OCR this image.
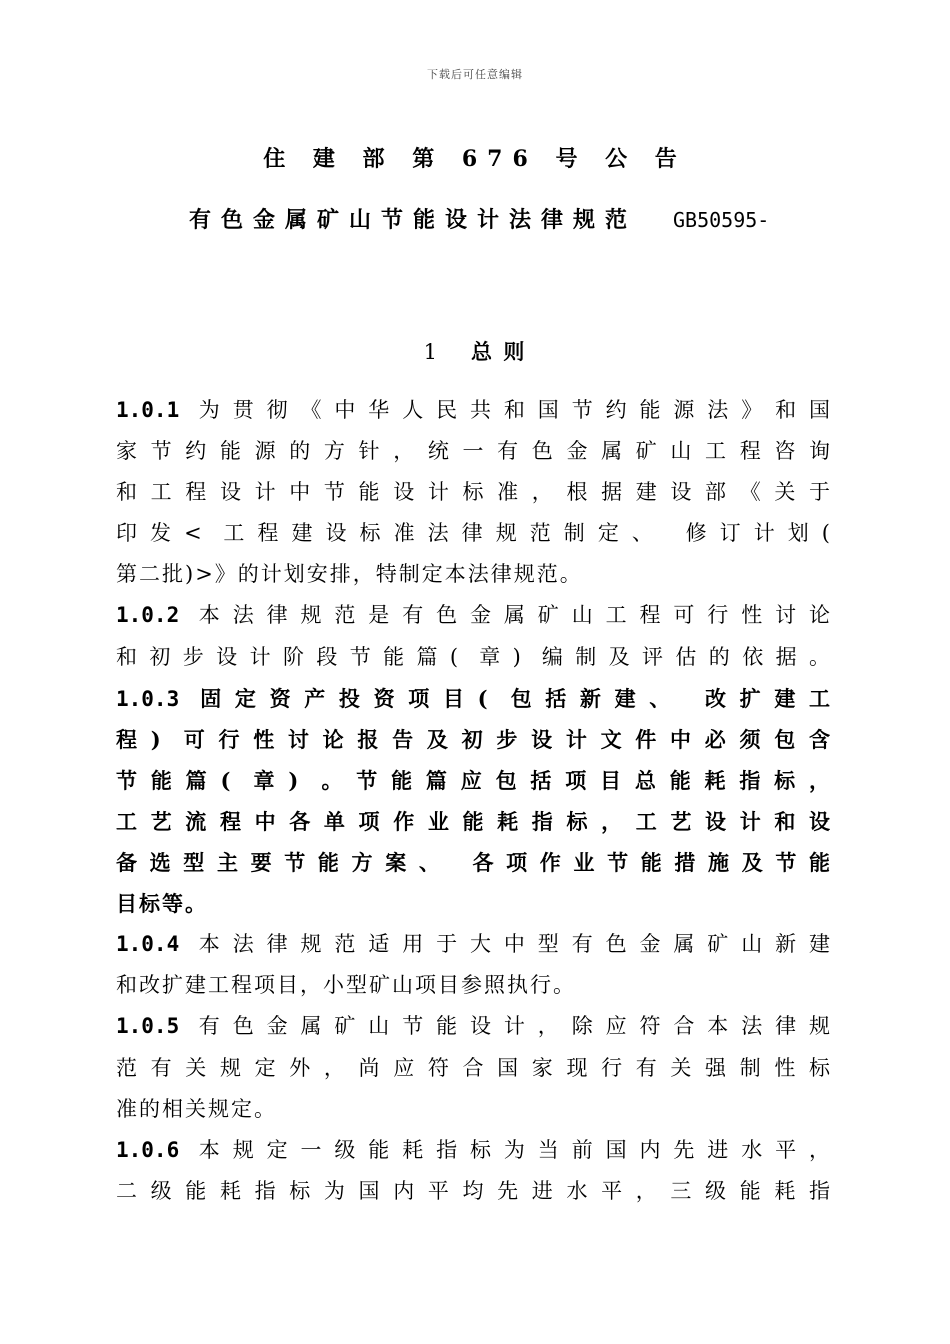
下载后可任意编辑
住 建 部 第 676 号 公 告
有色金属矿山节能设计法律规范 GB50595-
1 总 则
1.0.1 为贯彻《中华人民共和国节约能源法》和国
家节约能源的方针，统一有色金属矿山工程咨询
和工程设计中节能设计标准，根据建设部《关于
印发< 工程建设标准法律规范制定、 修订计划(
第二批)>》的计划安排，特制定本法律规范。
1.0.2 本法律规范是有色金属矿山工程可行性讨论
和初步设计阶段节能篇( 章) 编制及评估的依据。
1.0.3 固定资产投资项目( 包括新建、 改扩建工
程) 可行性讨论报告及初步设计文件中必须包含
节能篇( 章) 。节能篇应包括项目总能耗指标，
工艺流程中各单项作业能耗指标，工艺设计和设
备选型主要节能方案、 各项作业节能措施及节能
目标等。
1.0.4 本法律规范适用于大中型有色金属矿山新建
和改扩建工程项目，小型矿山项目参照执行。
1.0.5 有色金属矿山节能设计，除应符合本法律规
范有关规定外，尚应符合国家现行有关强制性标
准的相关规定。
1.0.6 本规定一级能耗指标为当前国内先进水平，
二级能耗指标为国内平均先进水平，三级能耗指
